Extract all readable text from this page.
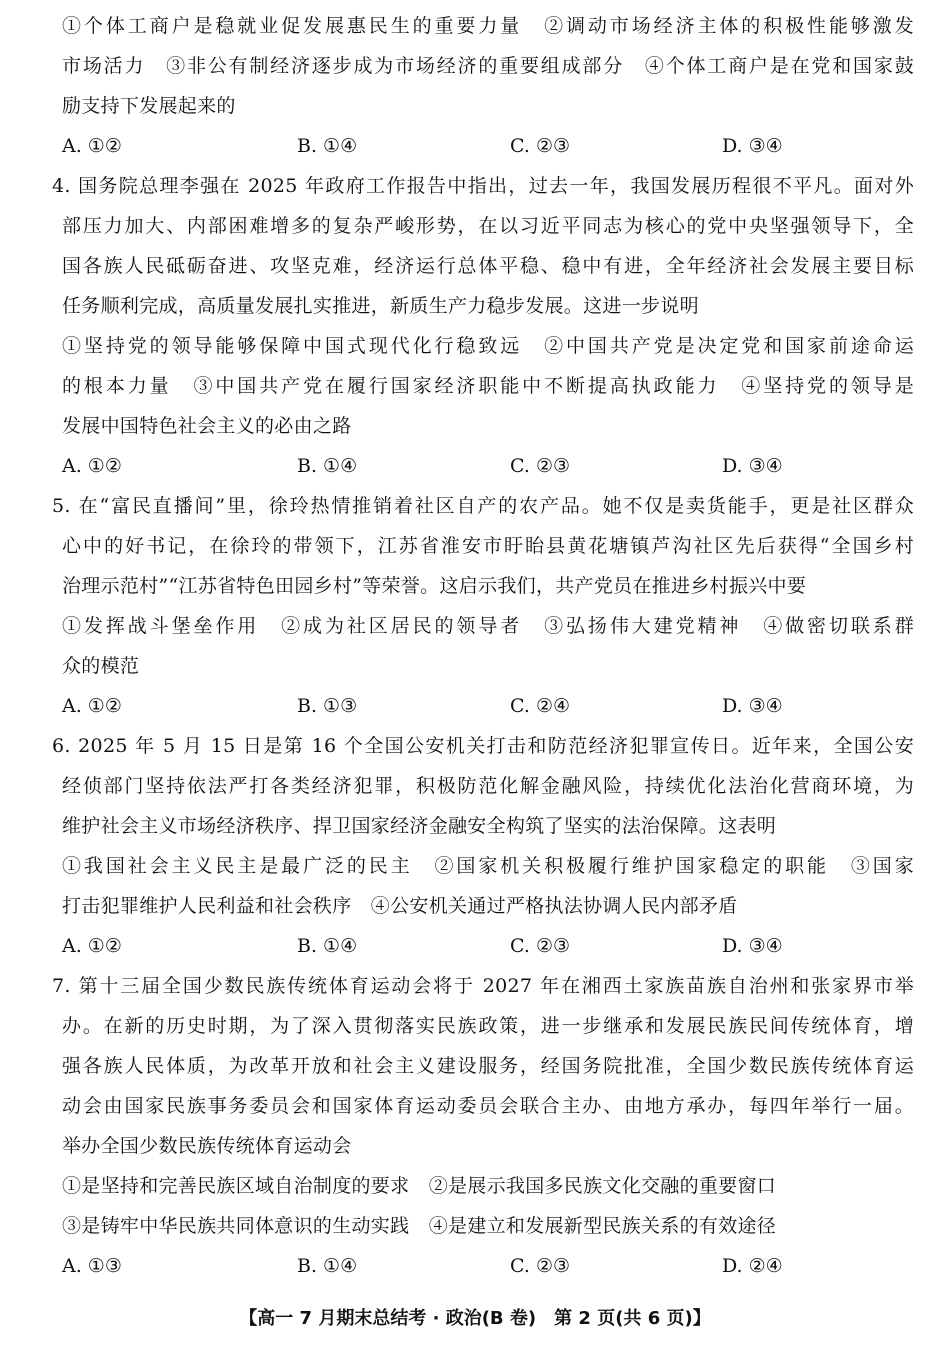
①个体工商户是稳就业促发展惠民生的重要力量　②调动市场经济主体的积极性能够激发
市场活力　③非公有制经济逐步成为市场经济的重要组成部分　④个体工商户是在党和国家鼓
励支持下发展起来的
A. ①②	B. ①④	C. ②③	D. ③④
4. 国务院总理李强在 2025 年政府工作报告中指出，过去一年，我国发展历程很不平凡。面对外
部压力加大、内部困难增多的复杂严峻形势，在以习近平同志为核心的党中央坚强领导下，全
国各族人民砥砺奋进、攻坚克难，经济运行总体平稳、稳中有进，全年经济社会发展主要目标
任务顺利完成，高质量发展扎实推进，新质生产力稳步发展。这进一步说明
①坚持党的领导能够保障中国式现代化行稳致远　②中国共产党是决定党和国家前途命运
的根本力量　③中国共产党在履行国家经济职能中不断提高执政能力　④坚持党的领导是
发展中国特色社会主义的必由之路
A. ①②	B. ①④	C. ②③	D. ③④
5. 在“富民直播间”里，徐玲热情推销着社区自产的农产品。她不仅是卖货能手，更是社区群众
心中的好书记，在徐玲的带领下，江苏省淮安市盱眙县黄花塘镇芦沟社区先后获得“全国乡村
治理示范村”“江苏省特色田园乡村”等荣誉。这启示我们，共产党员在推进乡村振兴中要
①发挥战斗堡垒作用　②成为社区居民的领导者　③弘扬伟大建党精神　④做密切联系群
众的模范
A. ①②	B. ①③	C. ②④	D. ③④
6. 2025 年 5 月 15 日是第 16 个全国公安机关打击和防范经济犯罪宣传日。近年来，全国公安
经侦部门坚持依法严打各类经济犯罪，积极防范化解金融风险，持续优化法治化营商环境，为
维护社会主义市场经济秩序、捍卫国家经济金融安全构筑了坚实的法治保障。这表明
①我国社会主义民主是最广泛的民主　②国家机关积极履行维护国家稳定的职能　③国家
打击犯罪维护人民利益和社会秩序　④公安机关通过严格执法协调人民内部矛盾
A. ①②	B. ①④	C. ②③	D. ③④
7. 第十三届全国少数民族传统体育运动会将于 2027 年在湘西土家族苗族自治州和张家界市举
办。在新的历史时期，为了深入贯彻落实民族政策，进一步继承和发展民族民间传统体育，增
强各族人民体质，为改革开放和社会主义建设服务，经国务院批准，全国少数民族传统体育运
动会由国家民族事务委员会和国家体育运动委员会联合主办、由地方承办，每四年举行一届。
举办全国少数民族传统体育运动会
①是坚持和完善民族区域自治制度的要求　②是展示我国多民族文化交融的重要窗口
③是铸牢中华民族共同体意识的生动实践　④是建立和发展新型民族关系的有效途径
A. ①③	B. ①④	C. ②③	D. ②④
【高一 7 月期末总结考 · 政治(B 卷)　第 2 页(共 6 页)】
